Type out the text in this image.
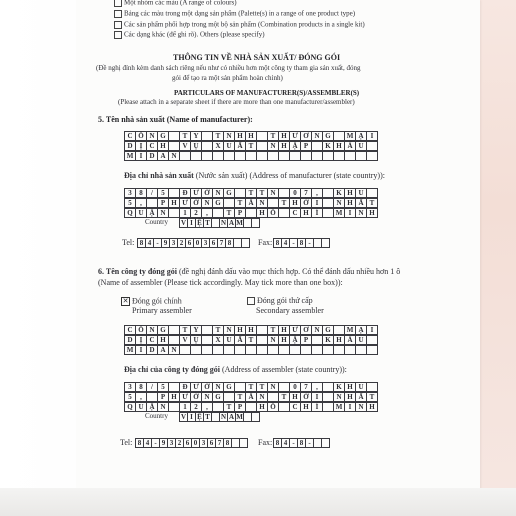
Một nhóm các màu (A range of colours)
Bảng các màu trong một dạng sản phẩm (Palette(s) in a range of one product type)
Các sản phẩm phối hợp trong một bộ sản phẩm (Combination products in a single kit)
Các dạng khác (để ghi rõ). Others (please specify)
THÔNG TIN VỀ NHÀ SẢN XUẤT/ ĐÓNG GÓI
(Đề nghị đính kèm danh sách riêng nếu như có nhiều hơn một công ty tham gia sản xuất, đóng
gói để tạo ra một sản phẩm hoàn chỉnh)
PARTICULARS OF MANUFACTURER(S)/ASSEMBLER(S)
(Please attach in a separate sheet if there are more than one manufacturer/assembler)
5. Tên nhà sản xuất (Name of manufacturer):
C Ô N G	T Y	T N H H	T H Ư Ơ N G	M Ạ	I
D	Ị	C H	V Ụ	X U Ấ T	N H Ậ P	K H Ẩ U
M I	D A N
Địa chỉ nhà sản xuất (Nước sản xuất) (Address of manufacturer (state country)):
3	8	/	5	Đ Ư Ờ N G	T T N	0	7	,	K H U
5	,	P H Ư Ờ N G	T Â N	T H Ớ I	N H Ấ T
Q U Ậ N	1	2	,	T P	H Ồ	C H Í	M I	N H
Country V I Ệ T	N A M
Tel: 8 4 - 9 3 2 6 0 3 6 7 8	Fax: 8 4 - 8 -
6. Tên công ty đóng gói (đề nghị đánh dấu vào mục thích hợp. Có thể đánh dấu nhiều hơn 1 ô
(Name of assembler (Please tick accordingly. May tick more than one box)):
✕ Đóng gói chính
Primary assembler
Đóng gói thứ cấp
Secondary assembler
C Ô N G	T Y	T N H H	T H Ư Ơ N G	M Ạ	I
D	Ị	C H	V Ụ	X U Ấ T	N H Ậ P	K H Ẩ U
M I	D A N
Địa chỉ của công ty đóng gói (Address of assembler (state country)):
3	8	/	5	Đ Ư Ờ N G	T T N	0	7	,	K H U
5	,	P H Ư Ờ N G	T Â N	T H Ớ I	N H Ấ T
Q U Ậ N	1	2	,	T P	H Ồ	C H Í	M I	N H
Country V I Ệ T	N A M
Tel: 8 4 - 9 3 2 6 0 3 6 7 8	Fax: 8 4 - 8 -
